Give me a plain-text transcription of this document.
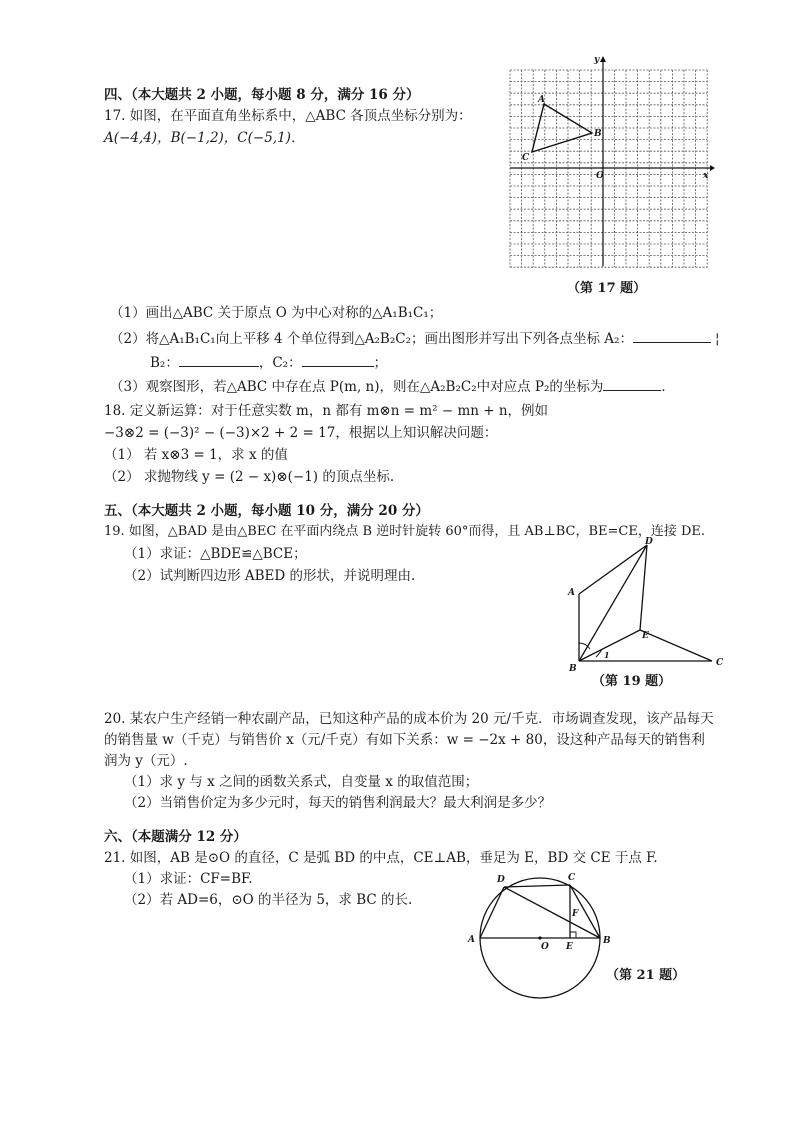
四、（本大题共 2 小题，每小题 8 分，满分 16 分）
17. 如图，在平面直角坐标系中，△ABC 各顶点坐标分别为：
A(−4,4)，B(−1,2)，C(−5,1)．
x
y
O
A
B
C
（第 17 题）
（1）画出△ABC 关于原点 O 为中心对称的△A₁B₁C₁；
（2）将△A₁B₁C₁向上平移 4 个单位得到△A₂B₂C₂；画出图形并写出下列各点坐标 A₂：	¦
B₂：	，C₂：	；
（3）观察图形，若△ABC 中存在点 P(m, n)，则在△A₂B₂C₂中对应点 P₂的坐标为	．
18. 定义新运算：对于任意实数 m，n 都有 m⊗n = m² − mn + n，例如
−3⊗2 = (−3)² − (−3)×2 + 2 = 17，根据以上知识解决问题：
（1） 若 x⊗3 = 1，求 x 的值
（2） 求抛物线 y = (2 − x)⊗(−1) 的顶点坐标.
五、（本大题共 2 小题，每小题 10 分，满分 20 分）
19. 如图，△BAD 是由△BEC 在平面内绕点 B 逆时针旋转 60°而得，且 AB⊥BC，BE=CE，连接 DE.
（1）求证：△BDE≌△BCE；
（2）试判断四边形 ABED 的形状，并说明理由.
A
B
C
D
E
1
（第 19 题）
20. 某农户生产经销一种农副产品，已知这种产品的成本价为 20 元/千克．市场调查发现，该产品每天
的销售量 w（千克）与销售价 x（元/千克）有如下关系：w = −2x + 80，设这种产品每天的销售利
润为 y（元）.
（1）求 y 与 x 之间的函数关系式，自变量 x 的取值范围；
（2）当销售价定为多少元时，每天的销售利润最大？最大利润是多少？
六、（本题满分 12 分）
21. 如图，AB 是⊙O 的直径，C 是弧 BD 的中点，CE⊥AB，垂足为 E，BD 交 CE 于点 F.
（1）求证：CF=BF.
（2）若 AD=6，⊙O 的半径为 5，求 BC 的长.
A	B
C
D
E
F
O
（第 21 题）
